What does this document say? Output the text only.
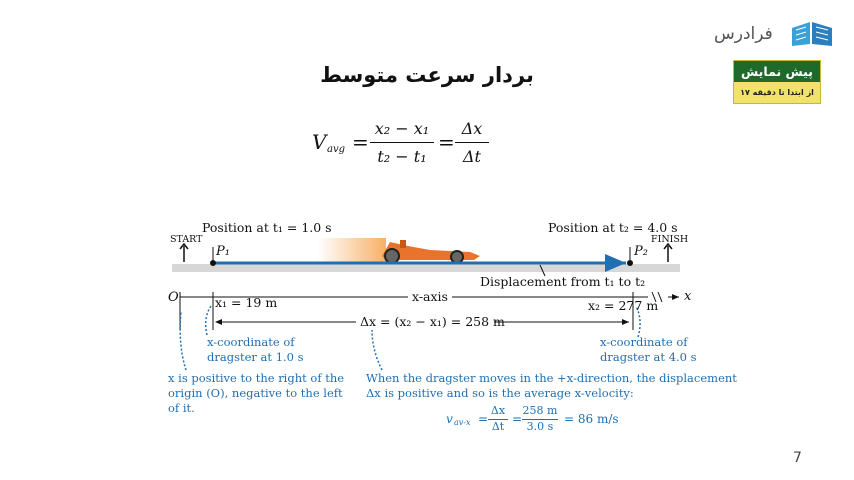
فرادرس
پیش نمایش
از ابتدا تا دقیقه ۱۷
بردار سرعت متوسط
V avg =
x₂ − x₁
t₂ − t₁
=
Δx
Δt
START	FINISH
Position at t₁ = 1.0 s	Position at t₂ = 4.0 s
P₁	P₂
Displacement from t₁ to t₂
O	x₁ = 19 m	x₂ = 277 m
x-axis	x
Δx = (x₂ − x₁) = 258 m
x-coordinate of
dragster at 1.0 s
x-coordinate of
dragster at 4.0 s
x is positive to the right of the
origin (O), negative to the left
of it.
When the dragster moves in the +x-direction, the displacement
Δx is positive and so is the average x-velocity:
v av-x =
Δx
Δt
=
258 m
3.0 s
= 86 m/s
7
